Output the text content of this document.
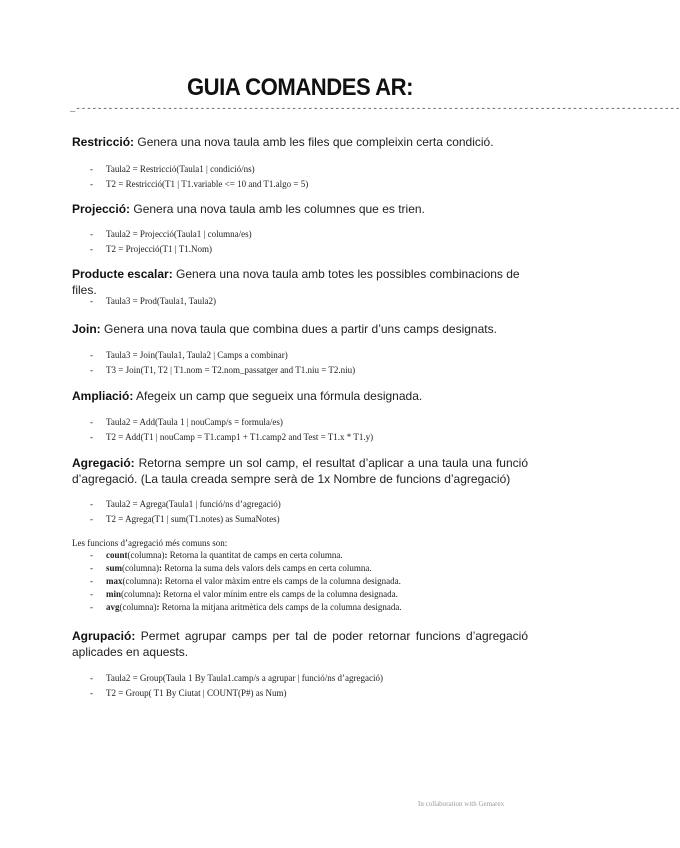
GUIA COMANDES AR:
_----------------------------------------------------------------------------------------------------------------
Restricció: Genera una nova taula amb les files que compleixin certa condició.
- Taula2 = Restricció(Taula1 | condició/ns)
- T2 = Restricció(T1 | T1.variable <= 10 and T1.algo = 5)
Projecció: Genera una nova taula amb les columnes que es trien.
- Taula2 = Projecció(Taula1 | columna/es)
- T2 = Projecció(T1 | T1.Nom)
Producte escalar: Genera una nova taula amb totes les possibles combinacions de files.
- Taula3 = Prod(Taula1, Taula2)
Join: Genera una nova taula que combina dues a partir d’uns camps designats.
- Taula3 = Join(Taula1, Taula2 | Camps a combinar)
- T3 = Join(T1, T2 | T1.nom = T2.nom_passatger and T1.niu = T2.niu)
Ampliació: Afegeix un camp que segueix una fórmula designada.
- Taula2 = Add(Taula 1 | nouCamp/s = formula/es)
- T2 = Add(T1 | nouCamp = T1.camp1 + T1.camp2 and Test = T1.x * T1.y)
Agregació: Retorna sempre un sol camp, el resultat d’aplicar a una taula una funció d’agregació. (La taula creada sempre serà de 1x Nombre de funcions d’agregació)
- Taula2 = Agrega(Taula1 | funció/ns d’agregació)
- T2 = Agrega(T1 | sum(T1.notes) as SumaNotes)
Les funcions d’agregació més comuns son:
- count(columna): Retorna la quantitat de camps en certa columna.
- sum(columna): Retorna la suma dels valors dels camps en certa columna.
- max(columna): Retorna el valor màxim entre els camps de la columna designada.
- min(columna): Retorna el valor mínim entre els camps de la columna designada.
- avg(columna): Retorna la mitjana aritmètica dels camps de la columna designada.
Agrupació: Permet agrupar camps per tal de poder retornar funcions d’agregació aplicades en aquests.
- Taula2 = Group(Taula 1 By Taula1.camp/s a agrupar | funció/ns d’agregació)
- T2 = Group( T1 By Ciutat | COUNT(P#) as Num)
In collaboration with Gemarex
